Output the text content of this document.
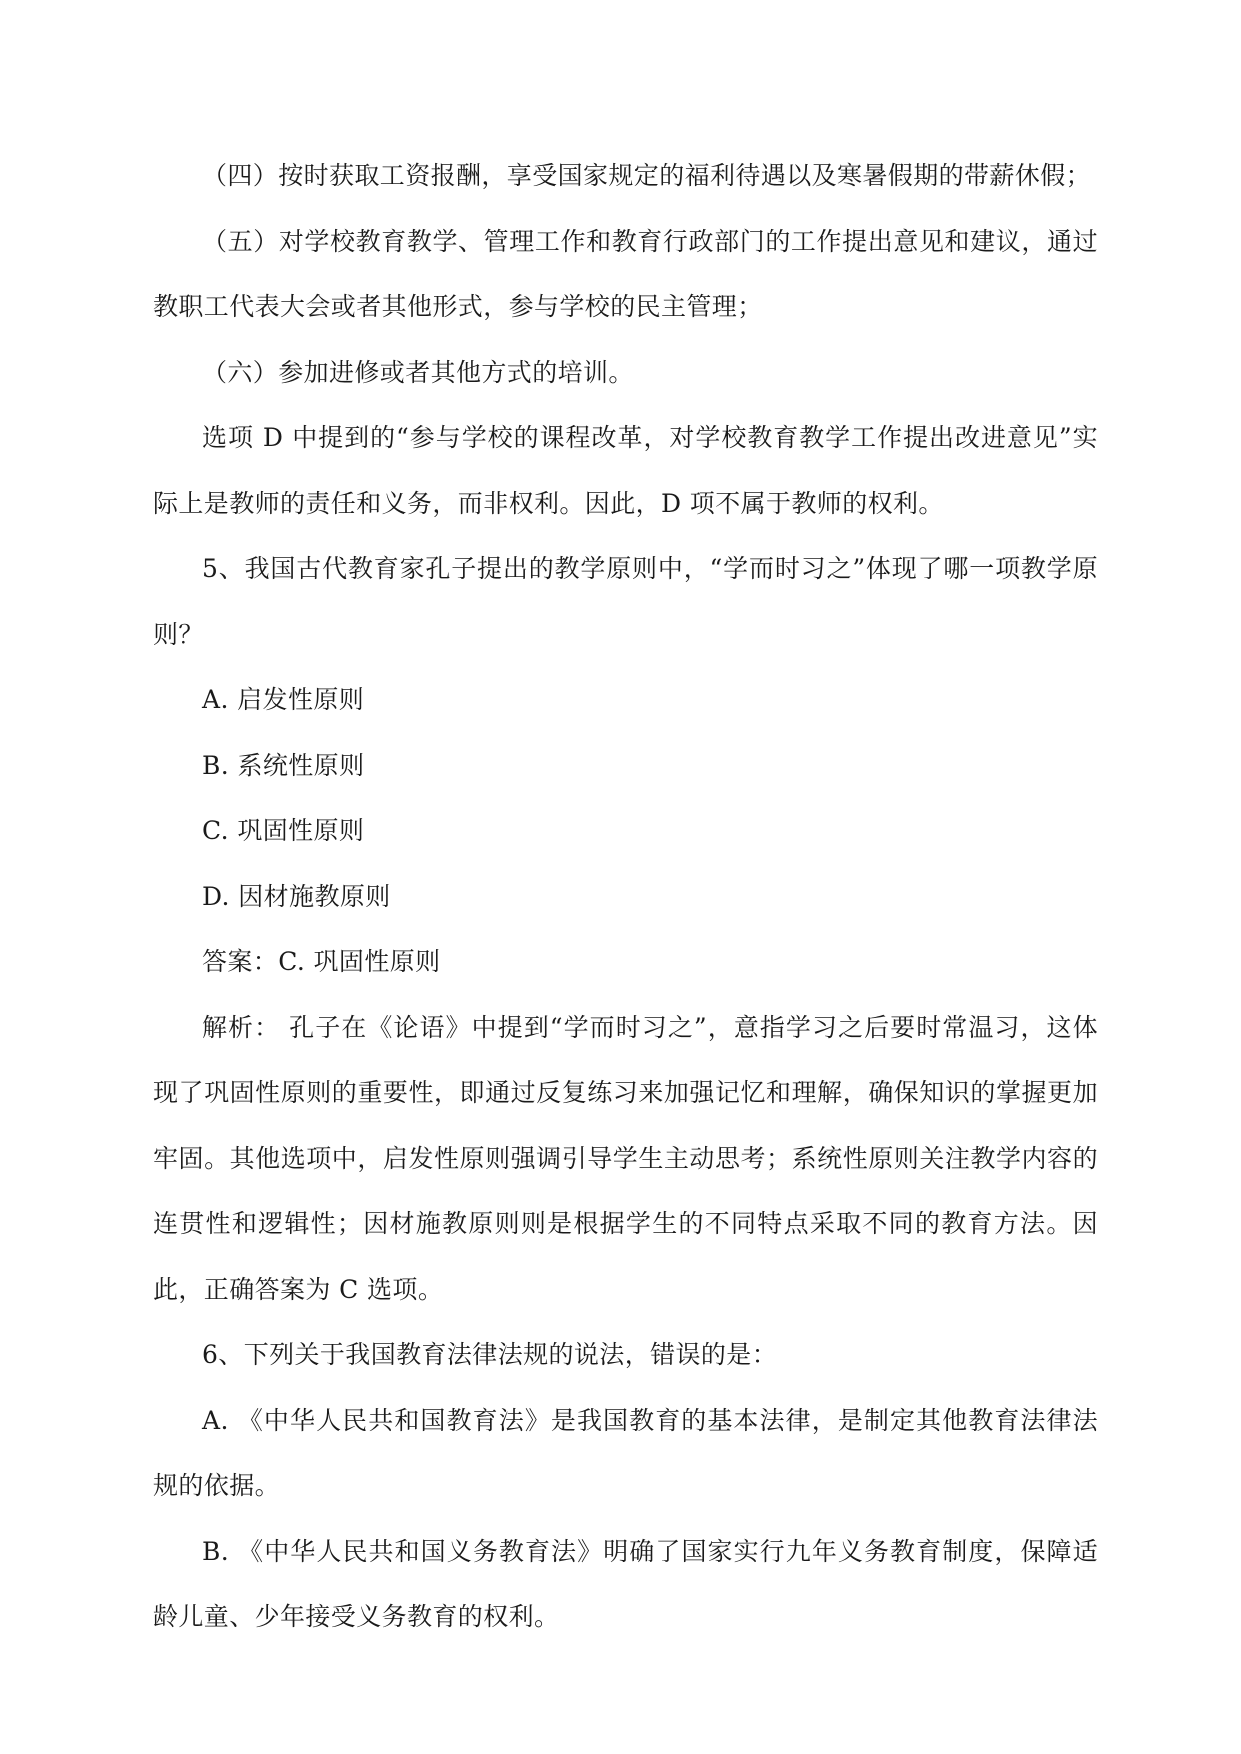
（四）按时获取工资报酬，享受国家规定的福利待遇以及寒暑假期的带薪休假；

（五）对学校教育教学、管理工作和教育行政部门的工作提出意见和建议，通过教职工代表大会或者其他形式，参与学校的民主管理；

（六）参加进修或者其他方式的培训。

选项 D 中提到的“参与学校的课程改革，对学校教育教学工作提出改进意见”实际上是教师的责任和义务，而非权利。因此，D 项不属于教师的权利。

5、我国古代教育家孔子提出的教学原则中，“学而时习之”体现了哪一项教学原则？

A. 启发性原则

B. 系统性原则

C. 巩固性原则

D. 因材施教原则

答案：C. 巩固性原则

解析： 孔子在《论语》中提到“学而时习之”，意指学习之后要时常温习，这体现了巩固性原则的重要性，即通过反复练习来加强记忆和理解，确保知识的掌握更加牢固。其他选项中，启发性原则强调引导学生主动思考；系统性原则关注教学内容的连贯性和逻辑性；因材施教原则则是根据学生的不同特点采取不同的教育方法。因此，正确答案为 C 选项。

6、下列关于我国教育法律法规的说法，错误的是：

A. 《中华人民共和国教育法》是我国教育的基本法律，是制定其他教育法律法规的依据。

B. 《中华人民共和国义务教育法》明确了国家实行九年义务教育制度，保障适龄儿童、少年接受义务教育的权利。
